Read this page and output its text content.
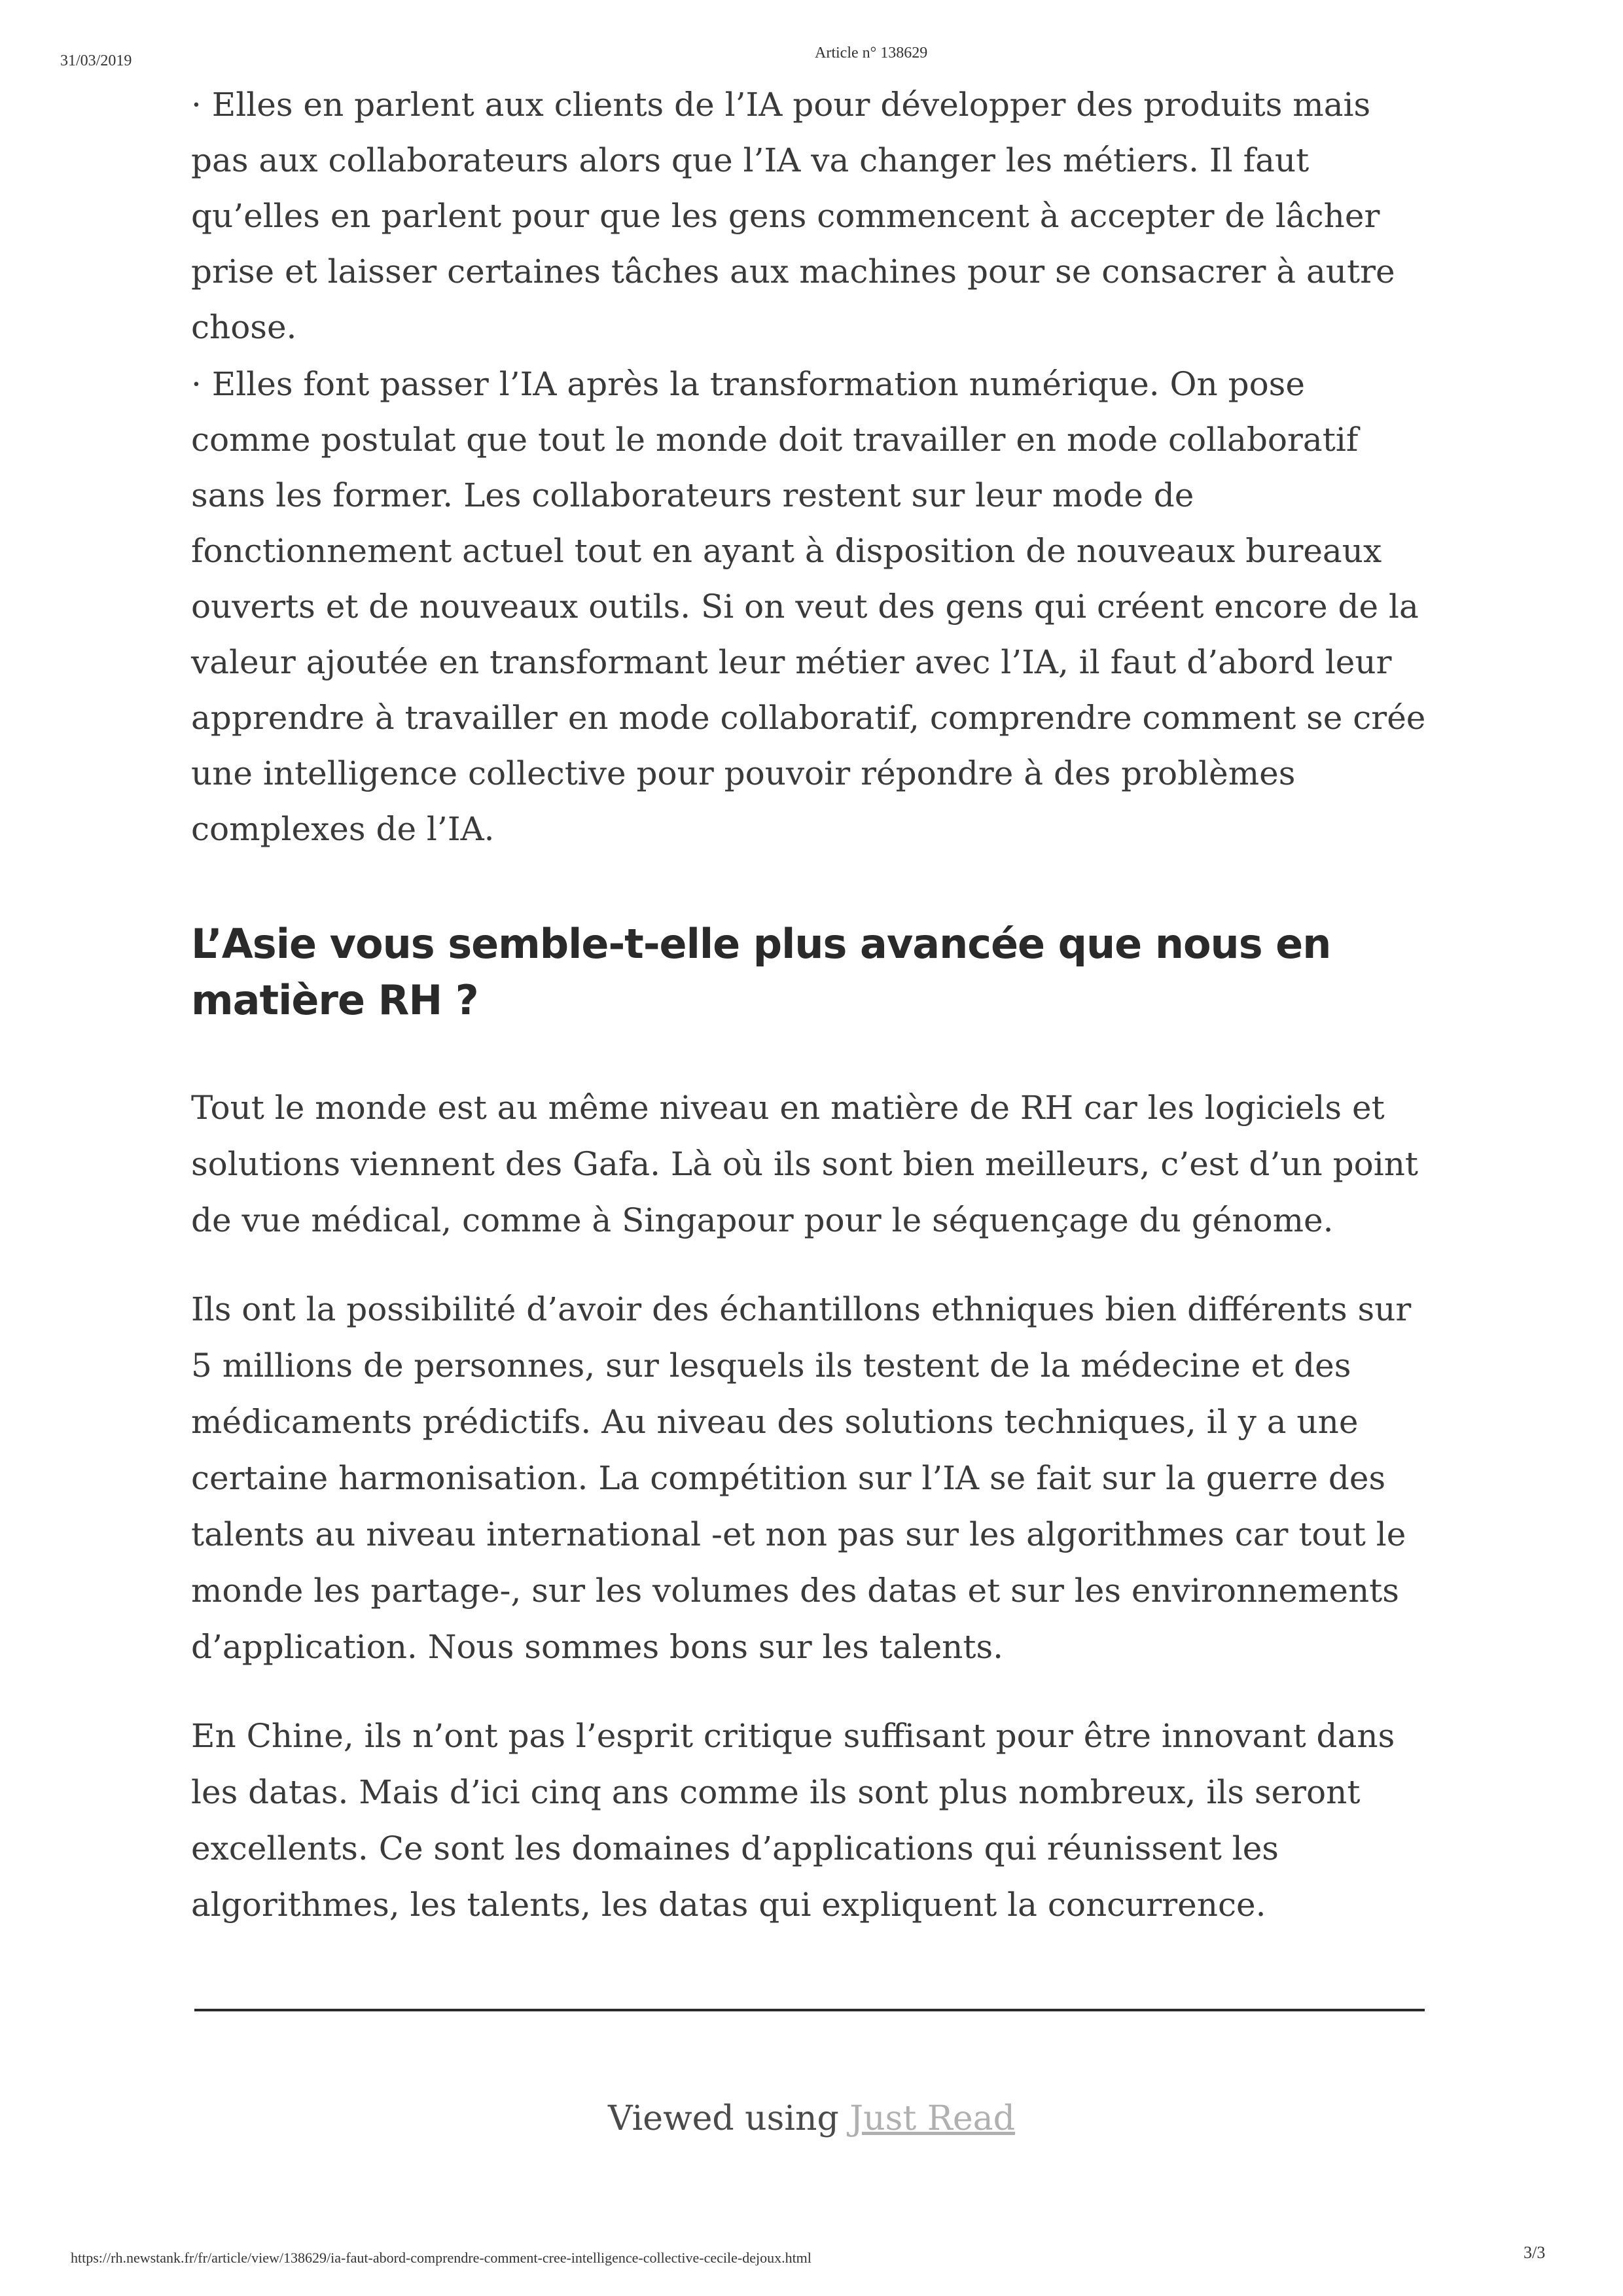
31/03/2019	Article n° 138629

· Elles en parlent aux clients de l’IA pour développer des produits mais pas aux collaborateurs alors que l’IA va changer les métiers. Il faut qu’elles en parlent pour que les gens commencent à accepter de lâcher prise et laisser certaines tâches aux machines pour se consacrer à autre chose.

· Elles font passer l’IA après la transformation numérique. On pose comme postulat que tout le monde doit travailler en mode collaboratif sans les former. Les collaborateurs restent sur leur mode de fonctionnement actuel tout en ayant à disposition de nouveaux bureaux ouverts et de nouveaux outils. Si on veut des gens qui créent encore de la valeur ajoutée en transformant leur métier avec l’IA, il faut d’abord leur apprendre à travailler en mode collaboratif, comprendre comment se crée une intelligence collective pour pouvoir répondre à des problèmes complexes de l’IA.

L’Asie vous semble-t-elle plus avancée que nous en matière RH ?

Tout le monde est au même niveau en matière de RH car les logiciels et solutions viennent des Gafa. Là où ils sont bien meilleurs, c’est d’un point de vue médical, comme à Singapour pour le séquençage du génome.

Ils ont la possibilité d’avoir des échantillons ethniques bien différents sur 5 millions de personnes, sur lesquels ils testent de la médecine et des médicaments prédictifs. Au niveau des solutions techniques, il y a une certaine harmonisation. La compétition sur l’IA se fait sur la guerre des talents au niveau international -et non pas sur les algorithmes car tout le monde les partage-, sur les volumes des datas et sur les environnements d’application. Nous sommes bons sur les talents.

En Chine, ils n’ont pas l’esprit critique suffisant pour être innovant dans les datas. Mais d’ici cinq ans comme ils sont plus nombreux, ils seront excellents. Ce sont les domaines d’applications qui réunissent les algorithmes, les talents, les datas qui expliquent la concurrence.

Viewed using Just Read
https://rh.newstank.fr/fr/article/view/138629/ia-faut-abord-comprendre-comment-cree-intelligence-collective-cecile-dejoux.html	3/3
